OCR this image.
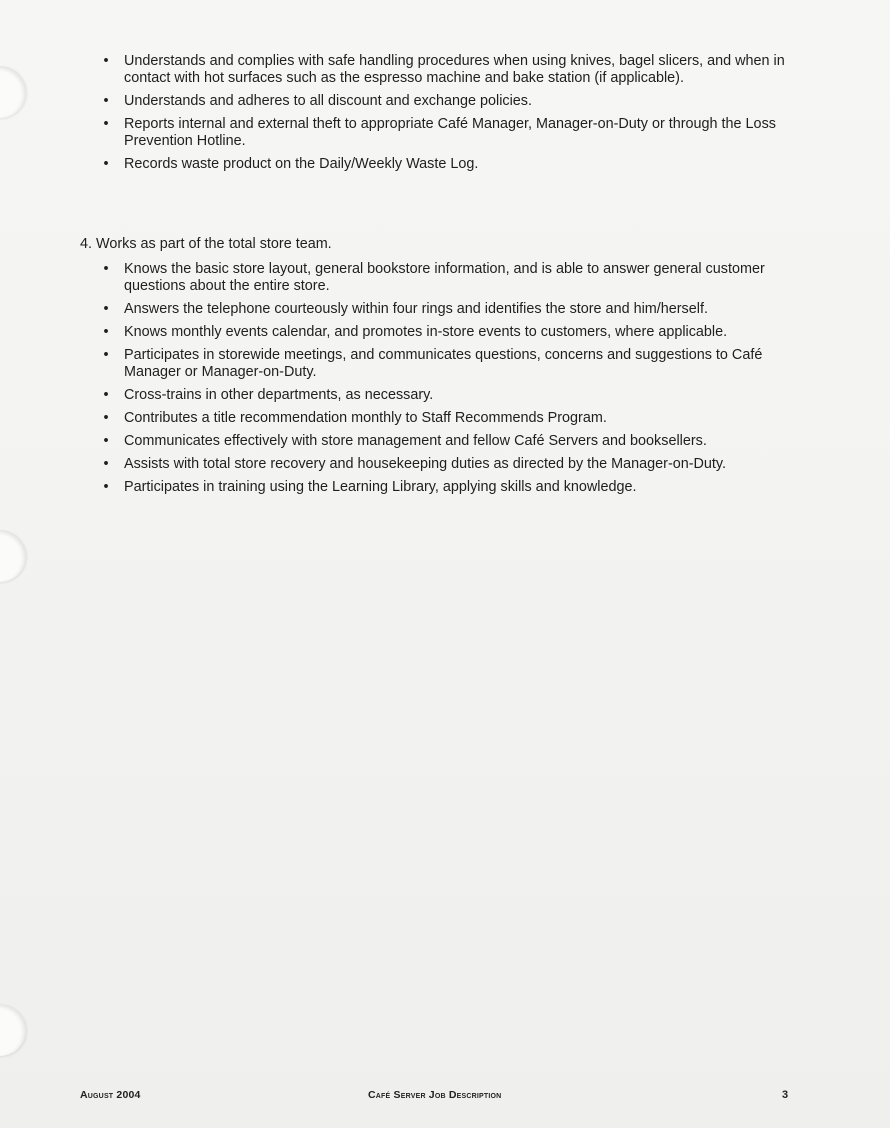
• Understands and complies with safe handling procedures when using knives, bagel slicers, and when in contact with hot surfaces such as the espresso machine and bake station (if applicable).
• Understands and adheres to all discount and exchange policies.
• Reports internal and external theft to appropriate Café Manager, Manager-on-Duty or through the Loss Prevention Hotline.
• Records waste product on the Daily/Weekly Waste Log.
4. Works as part of the total store team.
• Knows the basic store layout, general bookstore information, and is able to answer general customer questions about the entire store.
• Answers the telephone courteously within four rings and identifies the store and him/herself.
• Knows monthly events calendar, and promotes in-store events to customers, where applicable.
• Participates in storewide meetings, and communicates questions, concerns and suggestions to Café Manager or Manager-on-Duty.
• Cross-trains in other departments, as necessary.
• Contributes a title recommendation monthly to Staff Recommends Program.
• Communicates effectively with store management and fellow Café Servers and booksellers.
• Assists with total store recovery and housekeeping duties as directed by the Manager-on-Duty.
• Participates in training using the Learning Library, applying skills and knowledge.
August 2004	Café Server Job Description	3
